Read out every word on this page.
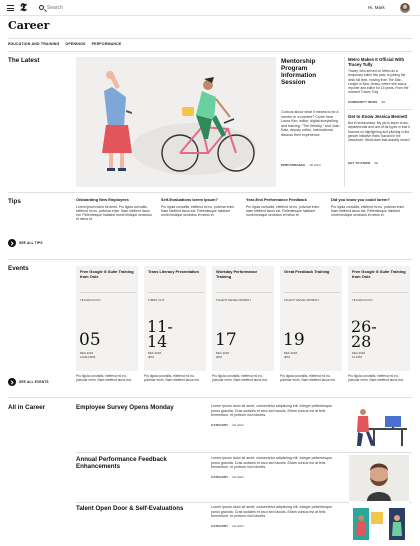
𝕿
Search	Hi, Mark
Career
EDUCATION AND TRAINING OPENINGS PERFORMANCE
The Latest	Mentorship Program Information Session
Curious about what it means to be a mentor or a mentee? Come hear Laura Kim, editor, digital storytelling and training, “The Weekly,” and Josh Katz, deputy editor, International, discuss their experience.
PERFORMANCE 1D AGO
Metro Makes It Official With Tracey Tully
Tracey, who arrived on Metro as a temporary editor this year, is joining the desk full time, moving from The Star-Ledger in New Jersey, where she was a reporter and editor for 13 years. From the moment Tracey Tully
COMMUNITY NEWS 3D
Get to Know Jessica Bennett
But in seriousness: My job is super cross-departmental and one-of-its-types in that it focuses on highlighting and pitching in the gender initiative that’s housed in the newsroom. What does that actually mean?
GET TO KNOW 3H
Tips	Onboarding New Employees
Lorem ipsum dolor sit amet. Pro ligula convallis, eleifend mi eu, pulvinar enim. Nam eleifend lacus est. Pellentesque habitant morbi tristique senectus et netus et.
Self-Evaluations lorem ipsum?
Pro ligula convallis, eleifend mi eu, pulvinar enim. Nam eleifend lacus est. Pellentesque habitant morbi tristique senectus et netus et.
Year-End Performance Feedback
Pro ligula convallis, eleifend mi eu, pulvinar enim. Nam eleifend lacus est. Pellentesque habitant morbi tristique senectus et netus et.
Did you know you could lorem?
Pro ligula convallis, eleifend mi eu, pulvinar enim. Nam eleifend lacus est. Pellentesque habitant morbi tristique senectus et netus et.
SEE ALL TIPS
Events	Free Google G Suite Training from Onix
TECHNOLOGY
05
DEC 2018
11AM-12PM
Pro ligula convallis, eleifend mi eu, pulvinar enim. Nam eleifend lacus est.
Trans Literacy Presentation
TIMES OUT
11-
14
DEC 2018
4PM
Pro ligula convallis, eleifend mi eu, pulvinar enim. Nam eleifend lacus est.
Workday Performance Training
TALENT DEVELOPMENT
17
DEC 2018
2PM
Pro ligula convallis, eleifend mi eu, pulvinar enim. Nam eleifend lacus est.
Great Feedback Training
TALENT DEVELOPMENT
19
DEC 2018
4PM
Pro ligula convallis, eleifend mi eu, pulvinar enim. Nam eleifend lacus est.
Free Google G Suite Training from Onix
TECHNOLOGY
26-
28
DEC 2018
12-1PM
Pro ligula convallis, eleifend mi eu, pulvinar enim. Nam eleifend lacus est.
SEE ALL EVENTS
All in Career	Employee Survey Opens Monday	Lorem ipsum dolor sit amet, consectetur adipiscing elit. Integer pellentesque purus gravida. Cras sodales et arcu sed iaculis. Etiam cursus est at felis fermentum, et pretium nisl lobortis.
CATEGORY 2H AGO
Annual Performance Feedback Enhancements
Lorem ipsum dolor sit amet, consectetur adipiscing elit. Integer pellentesque purus gravida. Cras sodales et arcu sed iaculis. Etiam cursus est at felis fermentum, et pretium nisl lobortis.
CATEGORY 2H AGO
Talent Open Door & Self-Evaluations	Lorem ipsum dolor sit amet, consectetur adipiscing elit. Integer pellentesque purus gravida. Cras sodales et arcu sed iaculis. Etiam cursus est at felis fermentum, et pretium nisl lobortis.
CATEGORY 2H AGO
